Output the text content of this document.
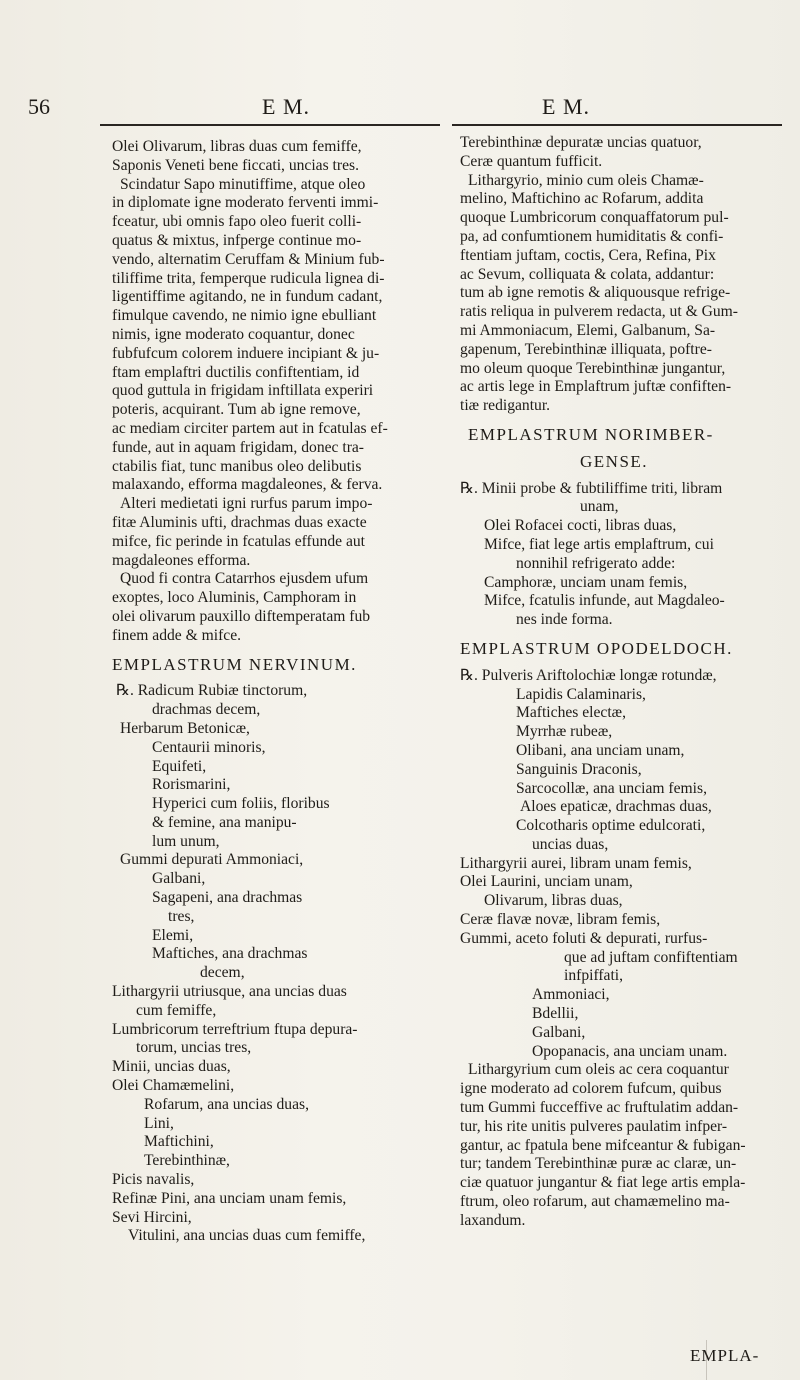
56	E M.	E M.
Olei Olivarum, libras duas cum femiffe,
Saponis Veneti bene ficcati, uncias tres.
Scindatur Sapo minutiffime, atque oleo
in diplomate igne moderato ferventi immi-
fceatur, ubi omnis fapo oleo fuerit colli-
quatus & mixtus, infperge continue mo-
vendo, alternatim Ceruffam & Minium fub-
tiliffime trita, femperque rudicula lignea di-
ligentiffime agitando, ne in fundum cadant,
fimulque cavendo, ne nimio igne ebulliant
nimis, igne moderato coquantur, donec
fubfufcum colorem induere incipiant & ju-
ftam emplaftri ductilis confiftentiam, id
quod guttula in frigidam inftillata experiri
poteris, acquirant. Tum ab igne remove,
ac mediam circiter partem aut in fcatulas ef-
funde, aut in aquam frigidam, donec tra-
ctabilis fiat, tunc manibus oleo delibutis
malaxando, efforma magdaleones, & ferva.
Alteri medietati igni rurfus parum impo-
fitæ Aluminis ufti, drachmas duas exacte
mifce, fic perinde in fcatulas effunde aut
magdaleones efforma.
Quod fi contra Catarrhos ejusdem ufum
exoptes, loco Aluminis, Camphoram in
olei olivarum pauxillo diftemperatam fub
finem adde & mifce.
EMPLASTRUM NERVINUM.
℞. Radicum Rubiæ tinctorum,
drachmas decem,
Herbarum Betonicæ,
Centaurii minoris,
Equifeti,
Rorismarini,
Hyperici cum foliis, floribus
& femine, ana manipu-
lum unum,
Gummi depurati Ammoniaci,
Galbani,
Sagapeni, ana drachmas
tres,
Elemi,
Maftiches, ana drachmas
decem,
Lithargyrii utriusque, ana uncias duas
cum femiffe,
Lumbricorum terreftrium ftupa depura-
torum, uncias tres,
Minii, uncias duas,
Olei Chamæmelini,
Rofarum, ana uncias duas,
Lini,
Maftichini,
Terebinthinæ,
Picis navalis,
Refinæ Pini, ana unciam unam femis,
Sevi Hircini,
Vitulini, ana uncias duas cum femiffe,
Terebinthinæ depuratæ uncias quatuor,
Ceræ quantum fufficit.
Lithargyrio, minio cum oleis Chamæ-
melino, Maftichino ac Rofarum, addita
quoque Lumbricorum conquaffatorum pul-
pa, ad confumtionem humiditatis & confi-
ftentiam juftam, coctis, Cera, Refina, Pix
ac Sevum, colliquata & colata, addantur:
tum ab igne remotis & aliquousque refrige-
ratis reliqua in pulverem redacta, ut & Gum-
mi Ammoniacum, Elemi, Galbanum, Sa-
gapenum, Terebinthinæ illiquata, poftre-
mo oleum quoque Terebinthinæ jungantur,
ac artis lege in Emplaftrum juftæ confiften-
tiæ redigantur.
EMPLASTRUM NORIMBER-
GENSE.
℞. Minii probe & fubtiliffime triti, libram
unam,
Olei Rofacei cocti, libras duas,
Mifce, fiat lege artis emplaftrum, cui
nonnihil refrigerato adde:
Camphoræ, unciam unam femis,
Mifce, fcatulis infunde, aut Magdaleo-
nes inde forma.
EMPLASTRUM OPODELDOCH.
℞. Pulveris Ariftolochiæ longæ rotundæ,
Lapidis Calaminaris,
Maftiches electæ,
Myrrhæ rubeæ,
Olibani, ana unciam unam,
Sanguinis Draconis,
Sarcocollæ, ana unciam femis,
Aloes epaticæ, drachmas duas,
Colcotharis optime edulcorati,
uncias duas,
Lithargyrii aurei, libram unam femis,
Olei Laurini, unciam unam,
Olivarum, libras duas,
Ceræ flavæ novæ, libram femis,
Gummi, aceto foluti & depurati, rurfus-
que ad juftam confiftentiam
infpiffati,
Ammoniaci,
Bdellii,
Galbani,
Opopanacis, ana unciam unam.
Lithargyrium cum oleis ac cera coquantur
igne moderato ad colorem fufcum, quibus
tum Gummi fucceffive ac fruftulatim addan-
tur, his rite unitis pulveres paulatim infper-
gantur, ac fpatula bene mifceantur & fubigan-
tur; tandem Terebinthinæ puræ ac claræ, un-
ciæ quatuor jungantur & fiat lege artis empla-
ftrum, oleo rofarum, aut chamæmelino ma-
laxandum.
EMPLA-
